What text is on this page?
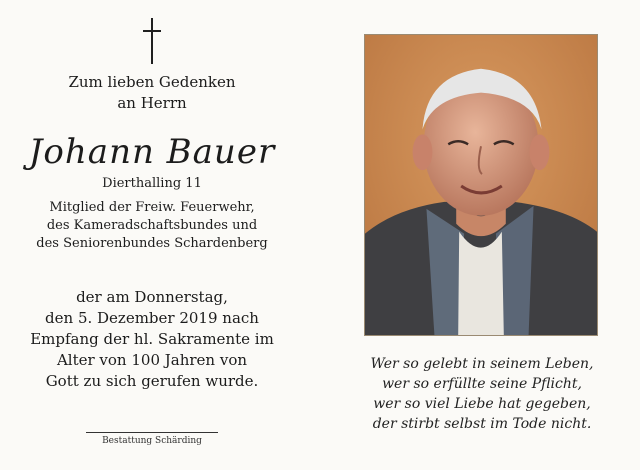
Zum lieben Gedenken
an Herrn
Johann Bauer
Dierthalling 11
Mitglied der Freiw. Feuerwehr,
des Kameradschaftsbundes und
des Seniorenbundes Schardenberg
der am Donnerstag,
den 5. Dezember 2019 nach
Empfang der hl. Sakramente im
Alter von 100 Jahren von
Gott zu sich gerufen wurde.
Bestattung Schärding
Wer so gelebt in seinem Leben,
wer so erfüllte seine Pflicht,
wer so viel Liebe hat gegeben,
der stirbt selbst im Tode nicht.
